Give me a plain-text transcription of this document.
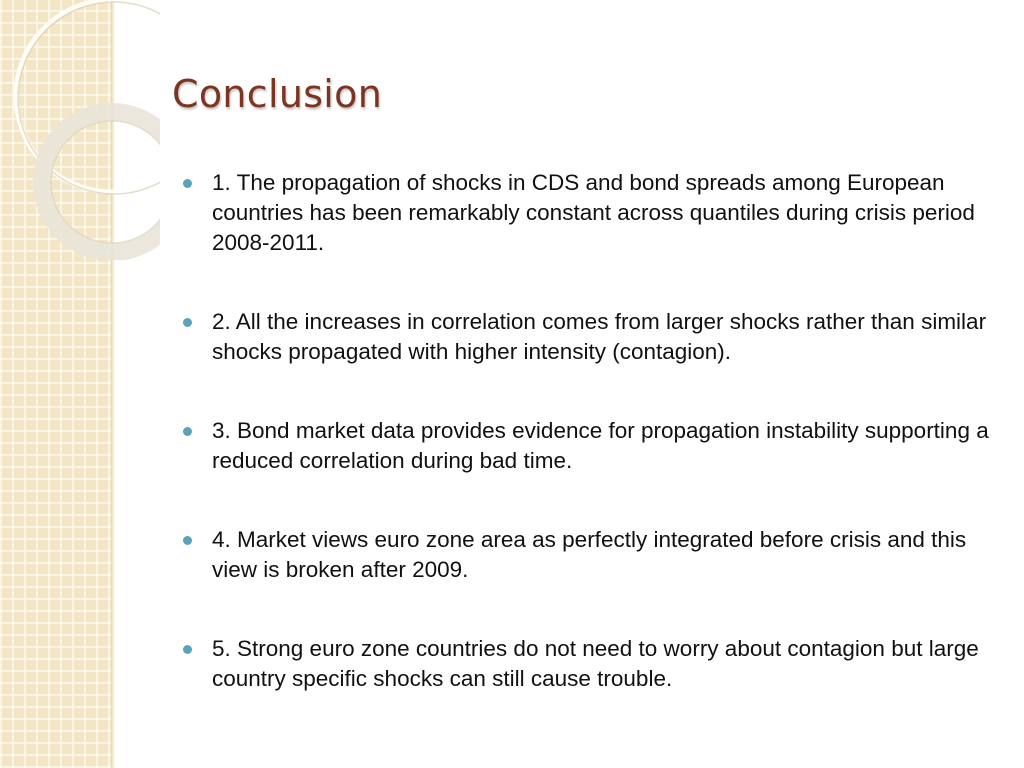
Conclusion
1. The propagation of shocks in CDS and bond spreads among European countries has been remarkably constant across quantiles during crisis period 2008-2011.
2. All the increases in correlation comes from larger shocks rather than similar shocks propagated with higher intensity (contagion).
3. Bond market data provides evidence for propagation instability supporting a reduced correlation during bad time.
4. Market views euro zone area as perfectly integrated before crisis and this view is broken after 2009.
5. Strong euro zone countries do not need to worry about contagion but large country specific shocks can still cause trouble.
